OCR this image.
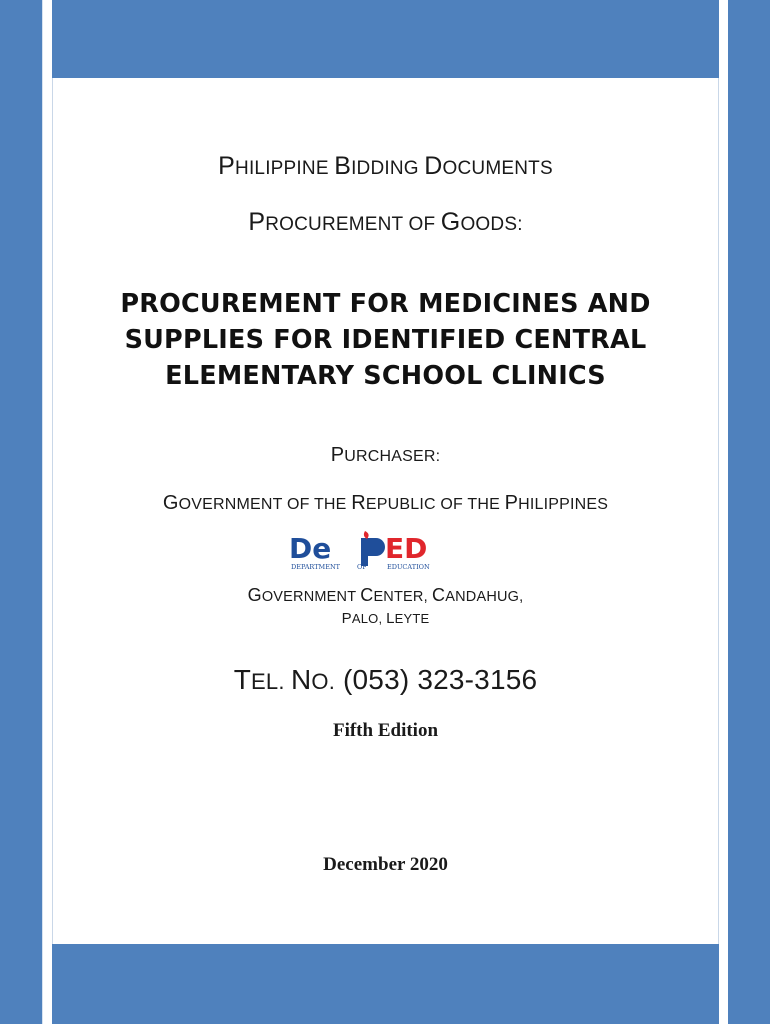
PHILIPPINE BIDDING DOCUMENTS
PROCUREMENT OF GOODS:
PROCUREMENT FOR MEDICINES AND
SUPPLIES FOR IDENTIFIED CENTRAL
ELEMENTARY SCHOOL CLINICS
PURCHASER:
GOVERNMENT OF THE REPUBLIC OF THE PHILIPPINES
De ED
DEPARTMENT	OF	EDUCATION
GOVERNMENT CENTER, CANDAHUG,
PALO, LEYTE
TEL. NO. (053) 323-3156
Fifth Edition
December 2020
